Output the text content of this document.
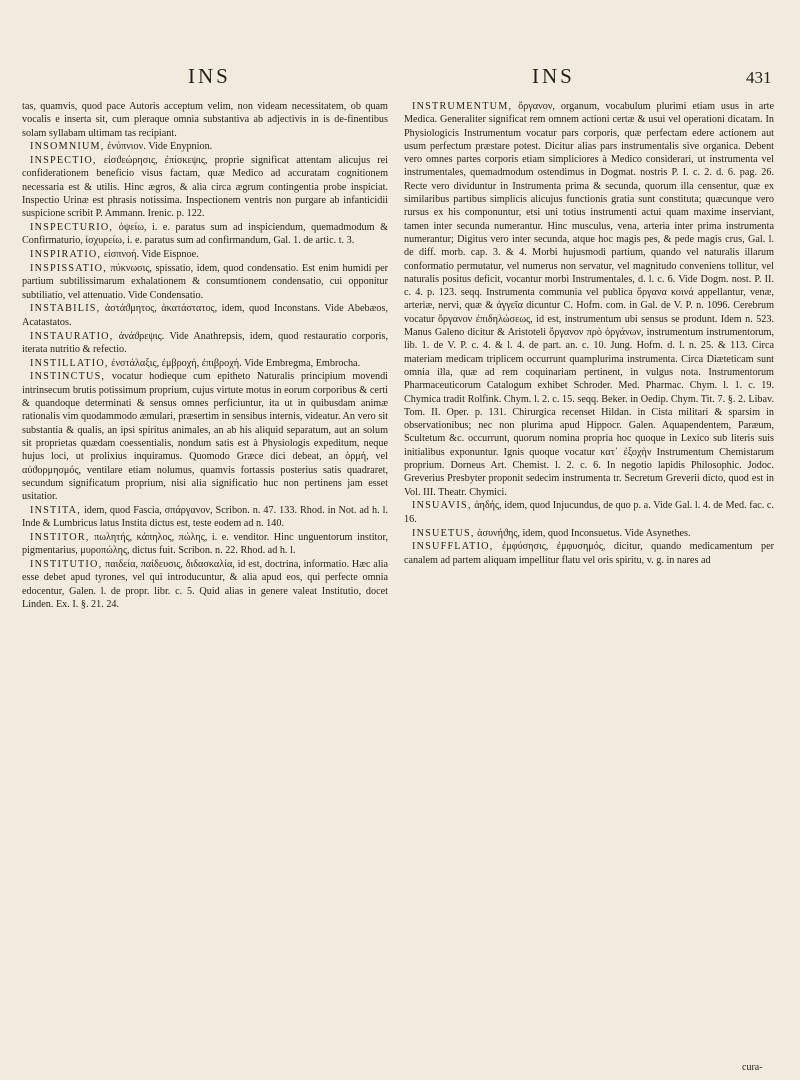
INS	INS	431

tas, quamvis, quod pace Autoris acceptum velim, non videam necessitatem, ob quam vocalis e inserta sit, cum pleraque omnia substantiva ab adjectivis in is de-finentibus solam syllabam ultimam tas recipiant.

INSOMNIUM, ἐνύπνιον. Vide Enypnion.

INSPECTIO, εἰσϑεώρησις, ἐπίσκεψις, proprie significat attentam alicujus rei confiderationem beneficio visus factam, quæ Medico ad accuratam cognitionem necessaria est & utilis. Hinc ægros, & alia circa ægrum contingentia probe inspiciat. Inspectio Urinæ est phrasis notissima. Inspectionem ventris non purgare ab infanticidii suspicione scribit P. Ammann. Irenic. p. 122.

INSPECTURIO, ὀψείω, i. e. paratus sum ad inspiciendum, quemadmodum & Confirmaturio, ἰσχυρείω, i. e. paratus sum ad confirmandum, Gal. 1. de artic. t. 3.

INSPIRATIO, εἰσπνοή. Vide Eispnoe.

INSPISSATIO, πύκνωσις, spissatio, idem, quod condensatio. Est enim humidi per partium subtilissimarum exhalationem & consumtionem condensatio, cui opponitur subtiliatio, vel attenuatio. Vide Condensatio.

INSTABILIS, ἀστάϑμητος, ἀκατάστατος, idem, quod Inconstans. Vide Abebæos, Acatastatos.

INSTAURATIO, ἀνάϑρεψις. Vide Anathrepsis, idem, quod restauratio corporis, iterata nutritio & refectio.

INSTILLATIO, ἐνστάλαξις, ἐμβροχή, ἐπιβροχή. Vide Embregma, Embrocha.

INSTINCTUS, vocatur hodieque cum epitheto Naturalis principium movendi intrinsecum brutis potissimum proprium, cujus virtute motus in eorum corporibus & certi & quandoque determinati & sensus omnes perficiuntur, ita ut in quibusdam animæ rationalis vim quodammodo æmulari, præsertim in sensibus internis, videatur. An vero sit substantia & qualis, an ipsi spiritus animales, an ab his aliquid separatum, aut an solum sit proprietas quædam coessentialis, nondum satis est à Physiologis expeditum, neque hujus loci, ut prolixius inquiramus. Quomodo Græce dici debeat, an ὁρμή, vel αὐϑορμησμός, ventilare etiam nolumus, quamvis fortassis posterius satis quadraret, secundum significatum proprium, nisi alia significatio huc non pertinens jam esset usitatior.

INSTITA, idem, quod Fascia, σπάργανον, Scribon. n. 47. 133. Rhod. in Not. ad h. l. Inde & Lumbricus latus Instita dictus est, teste eodem ad n. 140.

INSTITOR, πωλητής, κάπηλος, πώλης, i. e. venditor. Hinc unguentorum institor, pigmentarius, μυροπώλης, dictus fuit. Scribon. n. 22. Rhod. ad h. l.

INSTITUTIO, παιδεία, παίδευσις, διδασκαλία, id est, doctrina, informatio. Hæc alia esse debet apud tyrones, vel qui introducuntur, & alia apud eos, qui perfecte omnia edocentur, Galen. l. de propr. libr. c. 5. Quid alias in genere valeat Institutio, docet Linden. Ex. I. §. 21. 24.

INSTRUMENTUM, ὄργανον, organum, vocabulum plurimi etiam usus in arte Medica. Generaliter significat rem omnem actioni certæ & usui vel operationi dicatam. In Physiologicis Instrumentum vocatur pars corporis, quæ perfectam edere actionem aut usum perfectum præstare potest. Dicitur alias pars instrumentalis sive organica. Debent vero omnes partes corporis etiam simpliciores à Medico considerari, ut instrumenta vel instrumentales, quemadmodum ostendimus in Dogmat. nostris P. I. c. 2. d. 6. pag. 26. Recte vero dividuntur in Instrumenta prima & secunda, quorum illa censentur, quæ ex similaribus partibus simplicis alicujus functionis gratia sunt constituta; quæcunque vero rursus ex his componuntur, etsi uni totius instrumenti actui quam maxime inserviant, tamen inter secunda numerantur. Hinc musculus, vena, arteria inter prima instrumenta numerantur; Digitus vero inter secunda, atque hoc magis pes, & pede magis crus, Gal. l. de diff. morb. cap. 3. & 4. Morbi hujusmodi partium, quando vel naturalis illarum conformatio permutatur, vel numerus non servatur, vel magnitudo conveniens tollitur, vel naturalis positus deficit, vocantur morbi Instrumentales, d. l. c. 6. Vide Dogm. nost. P. II. c. 4. p. 123. seqq. Instrumenta communia vel publica ὄργανα κοινά appellantur, venæ, arteriæ, nervi, quæ & ἀγγεῖα dicuntur C. Hofm. com. in Gal. de V. P. n. 1096. Cerebrum vocatur ὄργανον ἐπιδηλώσεως, id est, instrumentum ubi sensus se produnt. Idem n. 523. Manus Galeno dicitur & Aristoteli ὄργανον πρὸ ὀργάνων, instrumentum instrumentorum, lib. 1. de V. P. c. 4. & l. 4. de part. an. c. 10. Jung. Hofm. d. l. n. 25. & 113. Circa materiam medicam triplicem occurrunt quamplurima instrumenta. Circa Diæteticam sunt omnia illa, quæ ad rem coquinariam pertinent, in vulgus nota. Instrumentorum Pharmaceuticorum Catalogum exhibet Schroder. Med. Pharmac. Chym. l. 1. c. 19. Chymica tradit Rolfink. Chym. l. 2. c. 15. seqq. Beker. in Oedip. Chym. Tit. 7. §. 2. Libav. Tom. II. Oper. p. 131. Chirurgica recenset Hildan. in Cista militari & sparsim in observationibus; nec non plurima apud Hippocr. Galen. Aquapendentem, Paræum, Scultetum &c. occurrunt, quorum nomina propria hoc quoque in Lexico sub literis suis initialibus exponuntur. Ignis quoque vocatur κατ᾽ ἐξοχὴν Instrumentum Chemistarum proprium. Dorneus Art. Chemist. l. 2. c. 6. In negotio lapidis Philosophic. Jodoc. Greverius Presbyter proponit sedecim instrumenta tr. Secretum Greverii dicto, quod est in Vol. III. Theatr. Chymici.

INSUAVIS, ἀηδής, idem, quod Injucundus, de quo p. a. Vide Gal. l. 4. de Med. fac. c. 16.

INSUETUS, ἀσυνήϑης, idem, quod Inconsuetus. Vide Asynethes.

INSUFFLATIO, ἐμφύσησις, ἐμφυσημός, dicitur, quando medicamentum per canalem ad partem aliquam impellitur flatu vel oris spiritu, v. g. in nares ad

cura-
